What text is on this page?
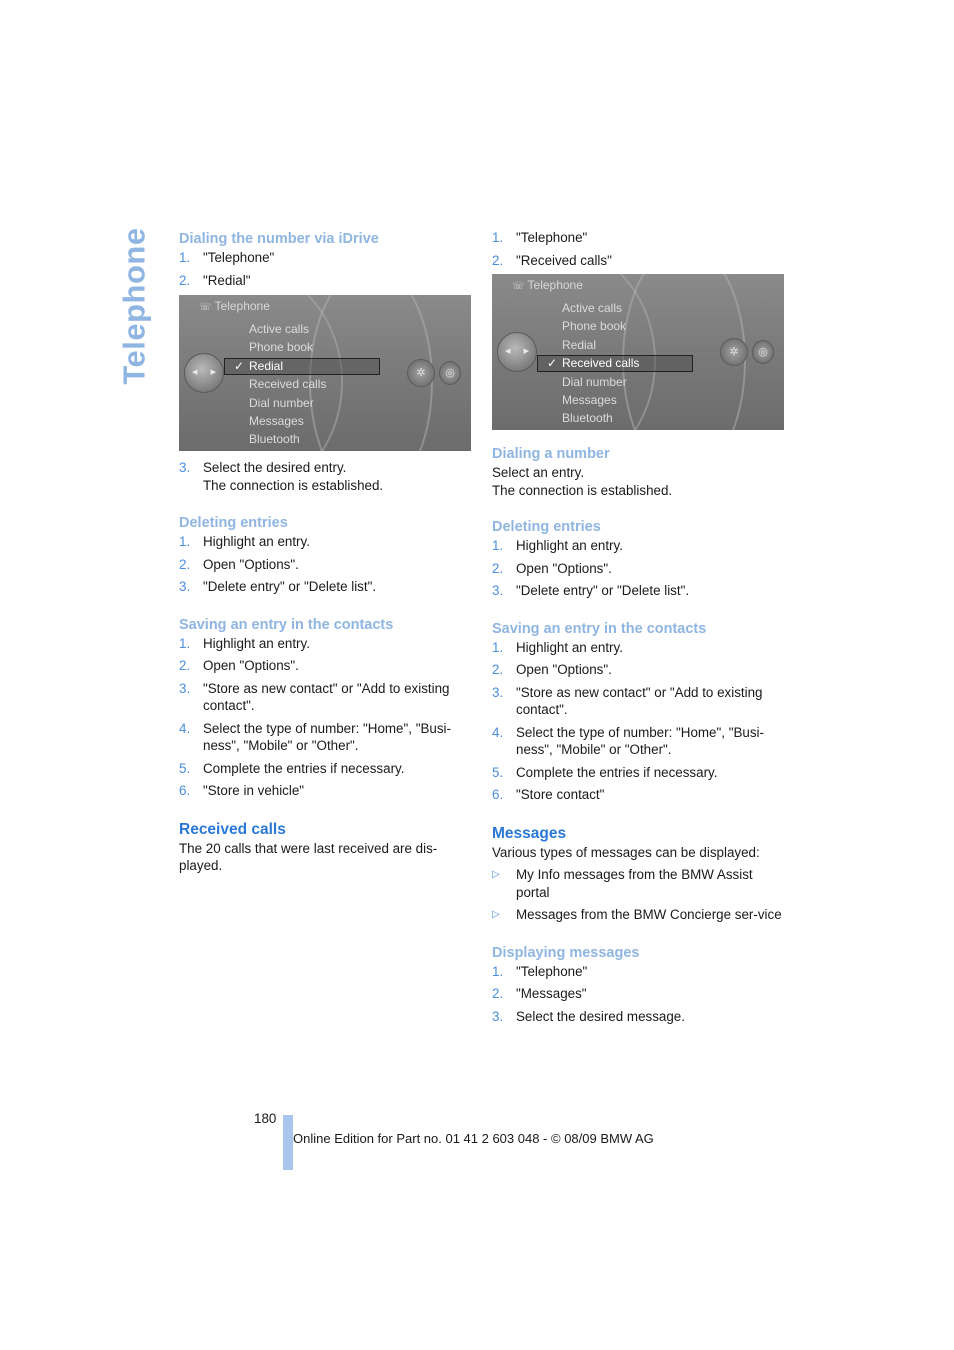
Telephone Dialing the number via iDrive
1. "Telephone"
2. "Redial"
☏ Telephone
✓
Active calls
Phone book
Redial
Received calls
Dial number
Messages
Bluetooth
◂ ▸	✲	◎
3. Select the desired entry.
The connection is established.
Deleting entries
1. Highlight an entry.
2. Open "Options".
3. "Delete entry" or "Delete list".
Saving an entry in the contacts
1. Highlight an entry.
2. Open "Options".
3. "Store as new contact" or "Add to existing contact".
4. Select the type of number: "Home", "Busi-ness", "Mobile" or "Other".
5. Complete the entries if necessary.
6. "Store in vehicle"
Received calls

The 20 calls that were last received are dis-played.

1. "Telephone"
2. "Received calls"
☏ Telephone
✓
Active calls
Phone book
Redial
Received calls
Dial number
Messages
Bluetooth
◂ ▸	✲	◎
Dialing a number

Select an entry.

The connection is established.

Deleting entries
1. Highlight an entry.
2. Open "Options".
3. "Delete entry" or "Delete list".
Saving an entry in the contacts
1. Highlight an entry.
2. Open "Options".
3. "Store as new contact" or "Add to existing contact".
4. Select the type of number: "Home", "Busi-ness", "Mobile" or "Other".
5. Complete the entries if necessary.
6. "Store contact"
Messages

Various types of messages can be displayed:

▷ My Info messages from the BMW Assist portal
▷ Messages from the BMW Concierge ser-vice
Displaying messages
1. "Telephone"
2. "Messages"
3. Select the desired message.
180
Online Edition for Part no. 01 41 2 603 048 - © 08/09 BMW AG
